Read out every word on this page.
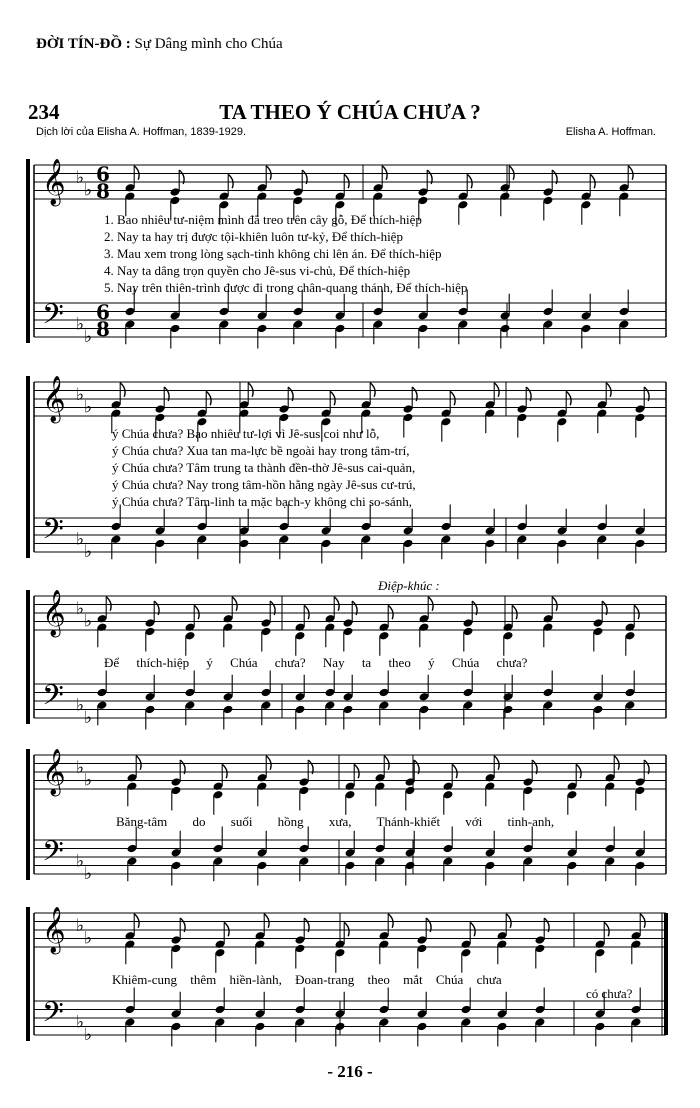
ĐỜI TÍN-ĐỒ : Sự Dâng mình cho Chúa
234	TA THEO Ý CHÚA CHƯA ?
Dịch lời của Elisha A. Hoffman, 1839-1929.	Elisha A. Hoffman.
𝄞
𝄢
♭
♭
♭
♭
6
8
6
8
𝄞
𝄢
♭
♭
♭
♭
𝄞
𝄢
♭
♭
♭
♭
𝄞
𝄢
♭
♭
♭
♭
𝄞
𝄢
♭
♭
♭
♭
1. Bao nhiêu tư-niệm mình đã treo trên cây gỗ, Để thích-hiệp
2. Nay ta hay trị được tội-khiên luôn tư-kỷ, Để thích-hiệp
3. Mau xem trong lòng sạch-tinh không chi lên án. Để thích-hiệp
4. Nay ta dâng trọn quyền cho Jê-sus vi-chủ, Để thích-hiệp
5. Nay trên thiên-trình được đi trong chân-quang thánh, Để thích-hiệp
ý Chúa chưa? Bao nhiêu tư-lợi vì Jê-sus coi như lỗ,
ý Chúa chưa? Xua tan ma-lực bề ngoài hay trong tâm-trí,
ý Chúa chưa? Tâm trung ta thành đền-thờ Jê-sus cai-quản,
ý Chúa chưa? Nay trong tâm-hồn hằng ngày Jê-sus cư-trú,
ý Chúa chưa? Tâm-linh ta mặc bạch-y không chi so-sánh,
Điệp-khúc :
Để thích-hiệp ý Chúa chưa? Nay ta theo ý Chúa chưa?
Băng-tâm do suối hồng xưa, Thánh-khiết với tinh-anh,
Khiêm-cung thêm hiền-lành, Đoan-trang theo mắt Chúa chưa
có chưa?
- 216 -
